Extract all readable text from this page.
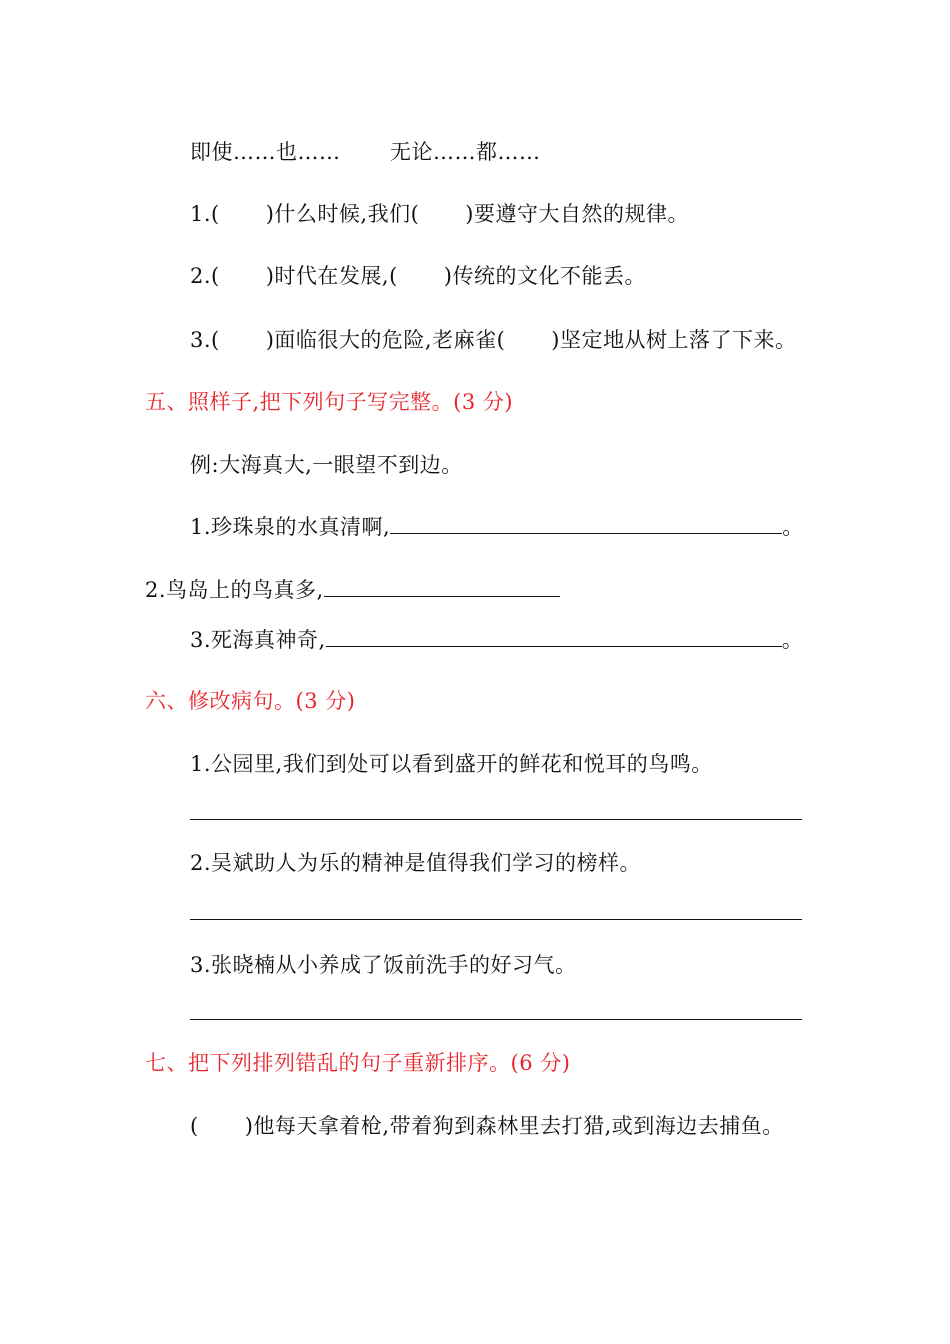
即使……也…… 无论……都……
1.( )什么时候,我们( )要遵守大自然的规律。
2.( )时代在发展,( )传统的文化不能丢。
3.( )面临很大的危险,老麻雀( )坚定地从树上落了下来。
五、照样子,把下列句子写完整。(3 分)
例:大海真大,一眼望不到边。
1.珍珠泉的水真清啊,	。
2.鸟岛上的鸟真多,
3.死海真神奇,	。
六、修改病句。(3 分)
1.公园里,我们到处可以看到盛开的鲜花和悦耳的鸟鸣。
2.吴斌助人为乐的精神是值得我们学习的榜样。
3.张晓楠从小养成了饭前洗手的好习气。
七、把下列排列错乱的句子重新排序。(6 分)
( )他每天拿着枪,带着狗到森林里去打猎,或到海边去捕鱼。
